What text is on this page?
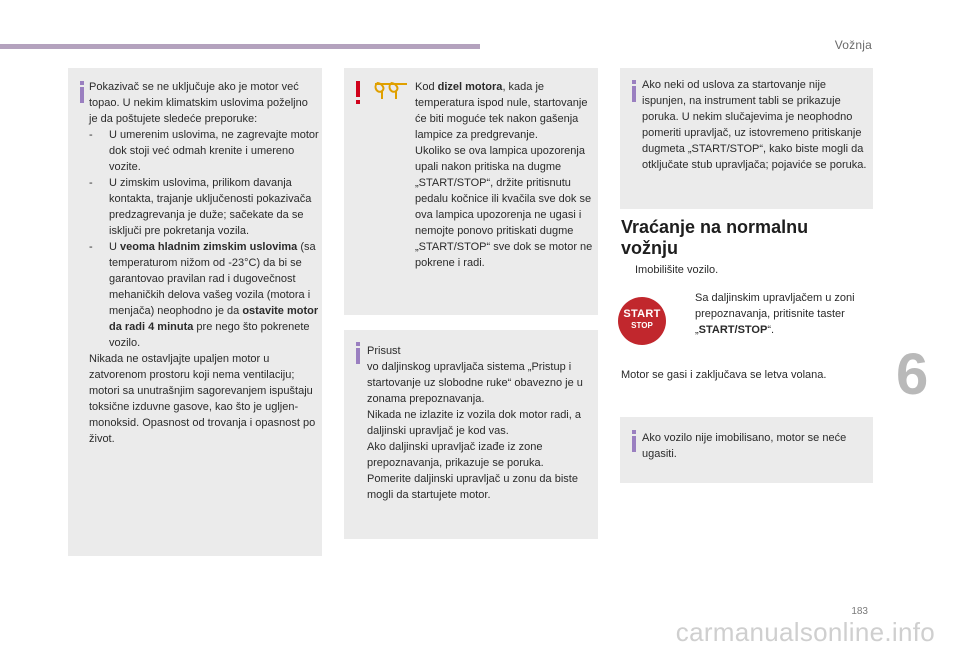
Vožnja
6
Pokazivač se ne uključuje ako je motor već topao. U nekim klimatskim uslovima poželjno je da poštujete sledeće preporuke:
- U umerenim uslovima, ne zagrevajte motor dok stoji već odmah krenite i umereno vozite.
- U zimskim uslovima, prilikom davanja kontakta, trajanje uključenosti pokazivača predzagrevanja je duže; sačekate da se isključi pre pokretanja vozila.
- U veoma hladnim zimskim uslovima (sa temperaturom nižom od -23°C) da bi se garantovao pravilan rad i dugovečnost mehaničkih delova vašeg vozila (motora i menjača) neophodno je da ostavite motor da radi 4 minuta pre nego što pokrenete vozilo.
Nikada ne ostavljajte upaljen motor u zatvorenom prostoru koji nema ventilaciju; motori sa unutrašnjim sagorevanjem ispuštaju toksične izduvne gasove, kao što je ugljen-monoksid. Opasnost od trovanja i opasnost po život.
Kod dizel motora, kada je temperatura ispod nule, startovanje će biti moguće tek nakon gašenja lampice za predgrevanje.
Ukoliko se ova lampica upozorenja upali nakon pritiska na dugme „START/STOP“, držite pritisnutu pedalu kočnice ili kvačila sve dok se ova lampica upozorenja ne ugasi i nemojte ponovo pritiskati dugme „START/STOP“ sve dok se motor ne pokrene i radi.
Prisust
vo daljinskog upravljača sistema „Pristup i startovanje uz slobodne ruke“ obavezno je u zonama prepoznavanja.
Nikada ne izlazite iz vozila dok motor radi, a daljinski upravljač je kod vas.
Ako daljinski upravljač izađe iz zone prepoznavanja, prikazuje se poruka.
Pomerite daljinski upravljač u zonu da biste mogli da startujete motor.
Ako neki od uslova za startovanje nije ispunjen, na instrument tabli se prikazuje poruka. U nekim slučajevima je neophodno pomeriti upravljač, uz istovremeno pritiskanje dugmeta „START/STOP“, kako biste mogli da otključate stub upravljača; pojaviće se poruka.
Vraćanje na normalnu vožnju
Imobilišite vozilo.
START
STOP
Sa daljinskim upravljačem u zoni prepoznavanja, pritisnite taster „START/STOP“.
Motor se gasi i zaključava se letva volana.
Ako vozilo nije imobilisano, motor se neće ugasiti.
183
carmanualsonline.info
